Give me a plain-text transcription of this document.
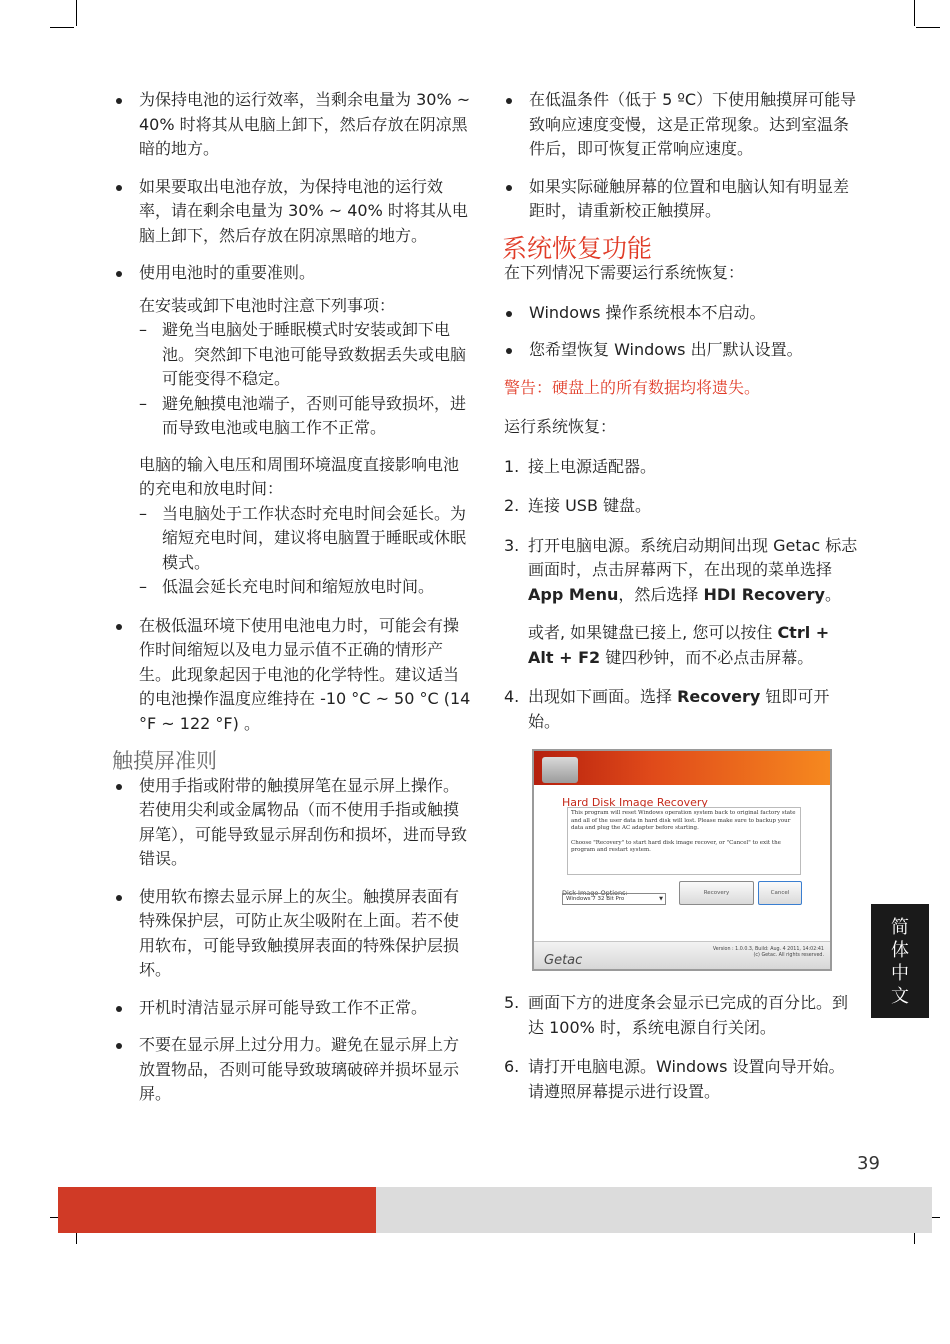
为保持电池的运行效率，当剩余电量为 30% ~ 40% 时将其从电脑上卸下，然后存放在阴凉黑暗的地方。
如果要取出电池存放，为保持电池的运行效率，请在剩余电量为 30% ~ 40% 时将其从电脑上卸下，然后存放在阴凉黑暗的地方。
使用电池时的重要准则。
在安装或卸下电池时注意下列事项：
– 避免当电脑处于睡眠模式时安装或卸下电池。突然卸下电池可能导致数据丢失或电脑可能变得不稳定。
– 避免触摸电池端子，否则可能导致损坏，进而导致电池或电脑工作不正常。
电脑的输入电压和周围环境温度直接影响电池的充电和放电时间：
– 当电脑处于工作状态时充电时间会延长。为缩短充电时间，建议将电脑置于睡眠或休眠模式。
– 低温会延长充电时间和缩短放电时间。
在极低温环境下使用电池电力时，可能会有操作时间缩短以及电力显示值不正确的情形产生。此现象起因于电池的化学特性。建议适当的电池操作温度应维持在 -10 °C ~ 50 °C (14 °F ~ 122 °F) 。
触摸屏准则
使用手指或附带的触摸屏笔在显示屏上操作。若使用尖利或金属物品（而不使用手指或触摸屏笔），可能导致显示屏刮伤和损坏，进而导致错误。
使用软布擦去显示屏上的灰尘。触摸屏表面有特殊保护层，可防止灰尘吸附在上面。若不使用软布，可能导致触摸屏表面的特殊保护层损坏。
开机时清洁显示屏可能导致工作不正常。
不要在显示屏上过分用力。避免在显示屏上方放置物品，否则可能导致玻璃破碎并损坏显示屏。
在低温条件（低于 5 ºC）下使用触摸屏可能导致响应速度变慢，这是正常现象。达到室温条件后，即可恢复正常响应速度。
如果实际碰触屏幕的位置和电脑认知有明显差距时，请重新校正触摸屏。
系统恢复功能
在下列情况下需要运行系统恢复：
Windows 操作系统根本不启动。
您希望恢复 Windows 出厂默认设置。
警告：硬盘上的所有数据均将遗失。
运行系统恢复：
1. 接上电源适配器。
2. 连接 USB 键盘。
3. 打开电脑电源。系统启动期间出现 Getac 标志画面时，点击屏幕两下，在出现的菜单选择 App Menu，然后选择 HDI Recovery。
或者, 如果键盘已接上, 您可以按住 Ctrl + Alt + F2 键四秒钟，而不必点击屏幕。
4. 出现如下画面。选择 Recovery 钮即可开始。
Hard Disk Image Recovery
This program will reset Windows operation system back to original factory state and all of the user data in hard disk will lost. Please make sure to backup your data and plug the AC adapter before starting.
Choose "Recovery" to start hard disk image recover, or "Cancel" to exit the program and restart system.
Disk Image Options:
Windows 7 32 Bit Pro	▼
Recovery	Cancel
Getac
Version : 1.0.0.3, Build: Aug. 4 2011, 14:02:41
(c) Getac. All rights reserved.
5. 画面下方的进度条会显示已完成的百分比。到达 100% 时，系统电源自行关闭。
6. 请打开电脑电源。Windows 设置向导开始。请遵照屏幕提示进行设置。
简
体
中
文
39
